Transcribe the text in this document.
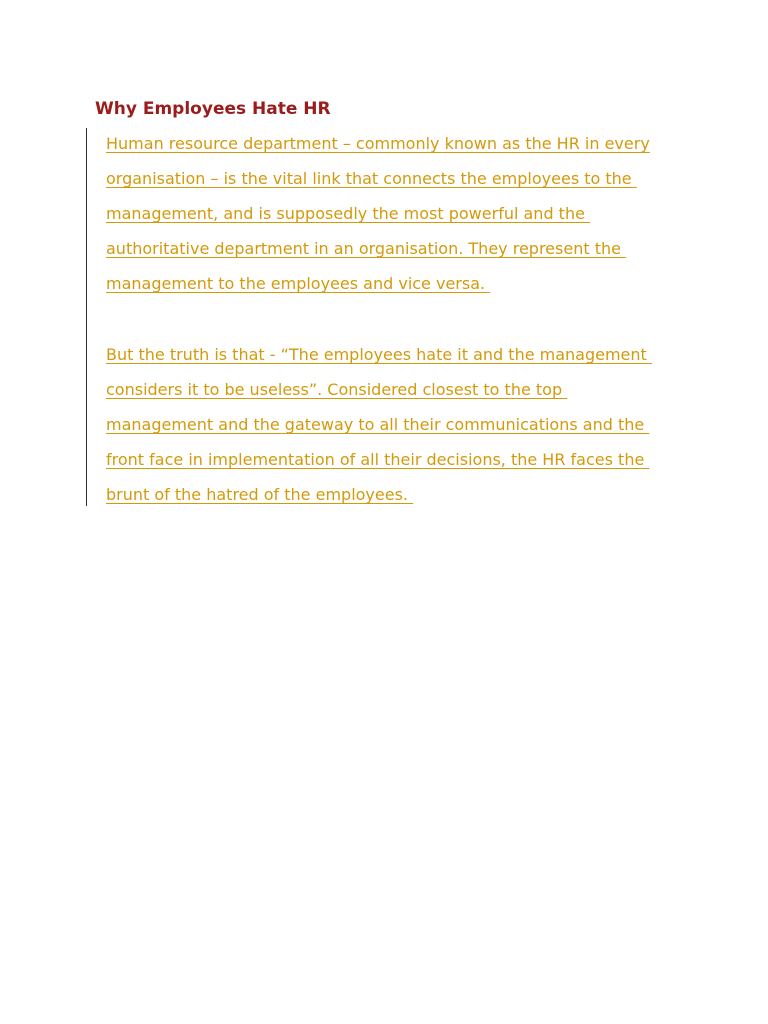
Why Employees Hate HR

Human resource department – commonly known as the HR in every
organisation – is the vital link that connects the employees to the
management, and is supposedly the most powerful and the
authoritative department in an organisation. They represent the
management to the employees and vice versa.

But the truth is that - “The employees hate it and the management
considers it to be useless”. Considered closest to the top
management and the gateway to all their communications and the
front face in implementation of all their decisions, the HR faces the
brunt of the hatred of the employees.
